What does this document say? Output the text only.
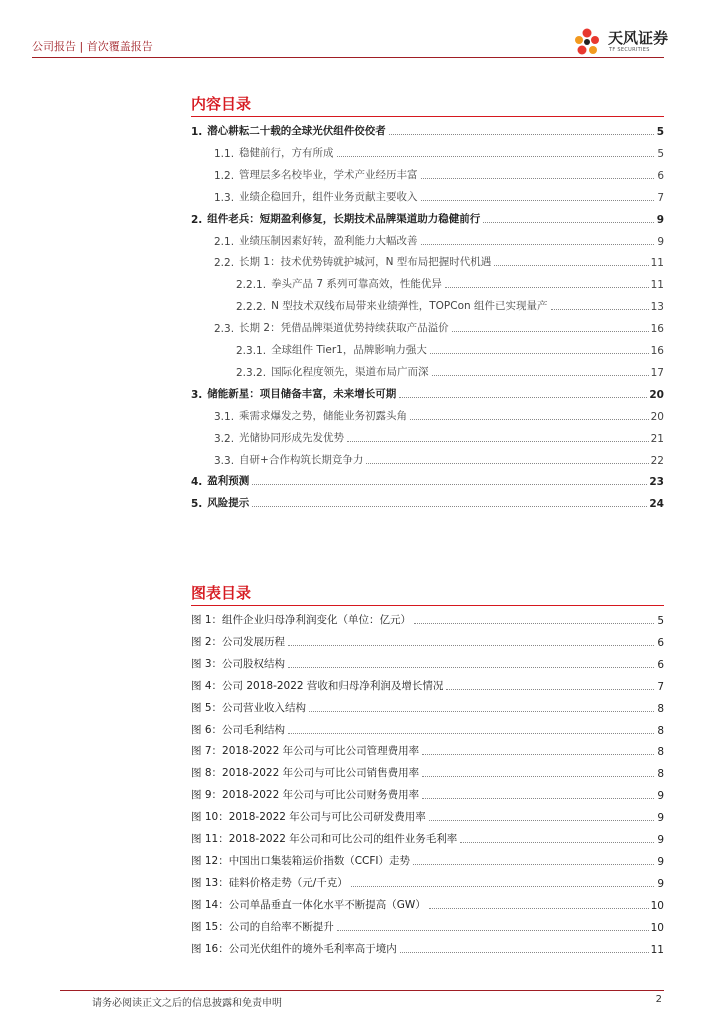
公司报告 | 首次覆盖报告	天风证券
TF SECURITIES
内容目录
1. 潜心耕耘二十载的全球光伏组件佼佼者	5
1.1. 稳健前行，方有所成	5
1.2. 管理层多名校毕业，学术产业经历丰富	6
1.3. 业绩企稳回升，组件业务贡献主要收入	7
2. 组件老兵：短期盈利修复，长期技术品牌渠道助力稳健前行	9
2.1. 业绩压制因素好转，盈利能力大幅改善	9
2.2. 长期 1：技术优势铸就护城河，N 型布局把握时代机遇	11
2.2.1. 拳头产品 7 系列可靠高效，性能优异	11
2.2.2. N 型技术双线布局带来业绩弹性，TOPCon 组件已实现量产	13
2.3. 长期 2：凭借品牌渠道优势持续获取产品溢价	16
2.3.1. 全球组件 Tier1，品牌影响力强大	16
2.3.2. 国际化程度领先，渠道布局广而深	17
3. 储能新星：项目储备丰富，未来增长可期	20
3.1. 乘需求爆发之势，储能业务初露头角	20
3.2. 光储协同形成先发优势	21
3.3. 自研+合作构筑长期竞争力	22
4. 盈利预测	23
5. 风险提示	24
图表目录
图 1：组件企业归母净利润变化（单位：亿元）	5
图 2：公司发展历程	6
图 3：公司股权结构	6
图 4：公司 2018-2022 营收和归母净利润及增长情况	7
图 5：公司营业收入结构	8
图 6：公司毛利结构	8
图 7：2018-2022 年公司与可比公司管理费用率	8
图 8：2018-2022 年公司与可比公司销售费用率	8
图 9：2018-2022 年公司与可比公司财务费用率	9
图 10：2018-2022 年公司与可比公司研发费用率	9
图 11：2018-2022 年公司和可比公司的组件业务毛利率	9
图 12：中国出口集装箱运价指数（CCFI）走势	9
图 13：硅料价格走势（元/千克）	9
图 14：公司单晶垂直一体化水平不断提高（GW）	10
图 15：公司的自给率不断提升	10
图 16：公司光伏组件的境外毛利率高于境内	11
请务必阅读正文之后的信息披露和免责申明	2
